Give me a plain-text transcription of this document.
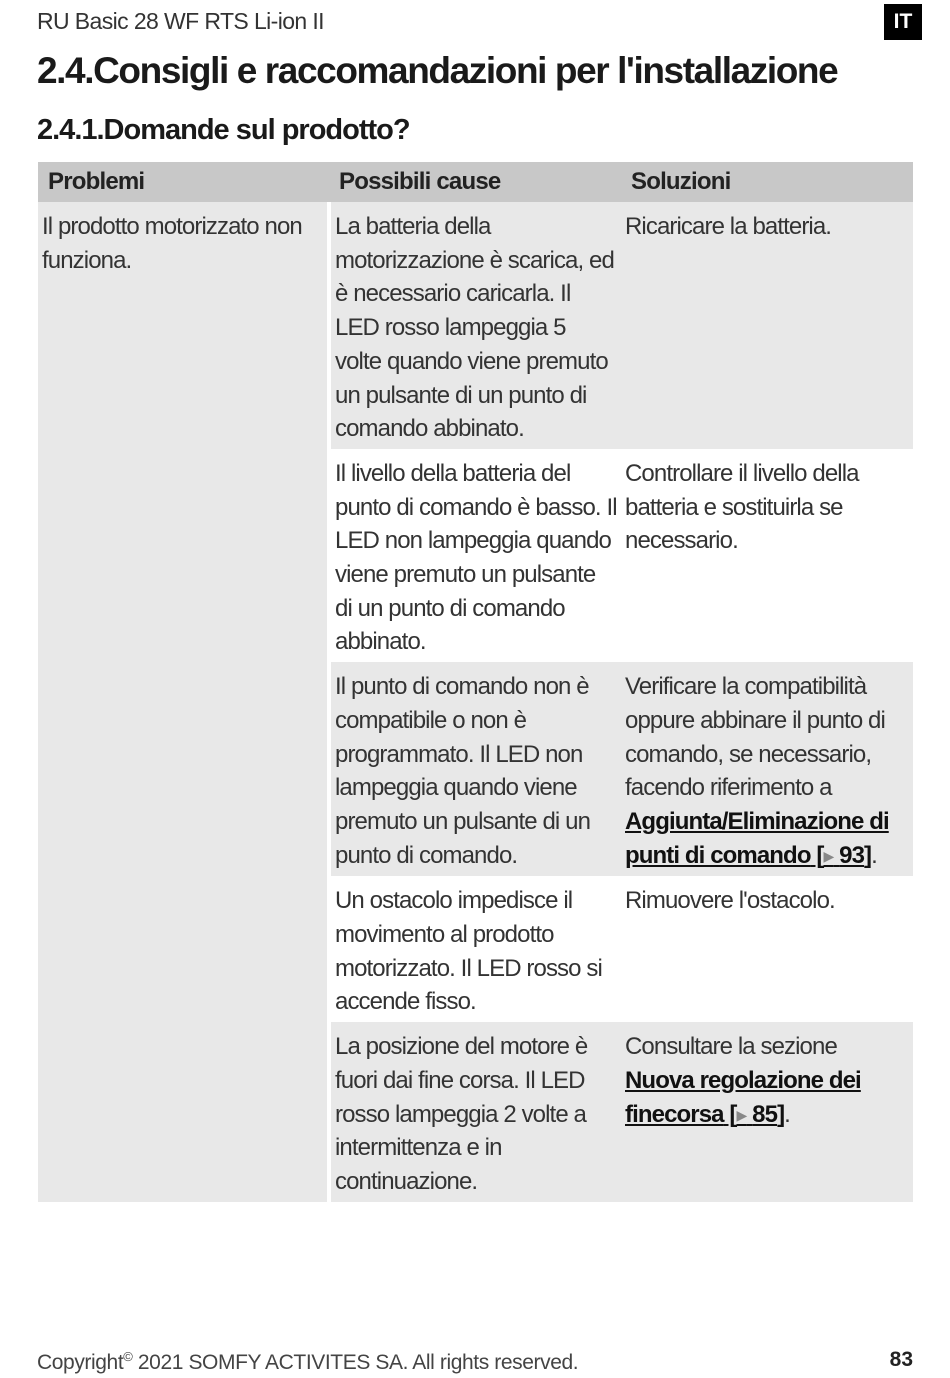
RU Basic 28 WF RTS Li-ion II	IT
2.4.Consigli e raccomandazioni per l'installazione
2.4.1.Domande sul prodotto?
Problemi	Possibili cause	Soluzioni
Il prodotto motorizzato non funziona.	La batteria della motorizzazione è scarica, ed è necessario caricarla. Il LED rosso lampeggia 5 volte quando viene premuto un pulsante di un punto di comando abbinato.	Ricaricare la batteria.
	Il livello della batteria del punto di comando è basso. Il LED non lampeggia quando viene premuto un pulsante di un punto di comando abbinato.	Controllare il livello della batteria e sostituirla se necessario.
	Il punto di comando non è compatibile o non è programmato. Il LED non lampeggia quando viene premuto un pulsante di un punto di comando.	Verificare la compatibilità oppure abbinare il punto di comando, se necessario, facendo riferimento a Aggiunta/Eliminazione di punti di comando [▶ 93].
	Un ostacolo impedisce il movimento al prodotto motorizzato. Il LED rosso si accende fisso.	Rimuovere l'ostacolo.
	La posizione del motore è fuori dai fine corsa. Il LED rosso lampeggia 2 volte a intermittenza e in continuazione.	Consultare la sezione Nuova regolazione dei finecorsa [▶ 85].
Copyright© 2021 SOMFY ACTIVITES SA. All rights reserved.	83
